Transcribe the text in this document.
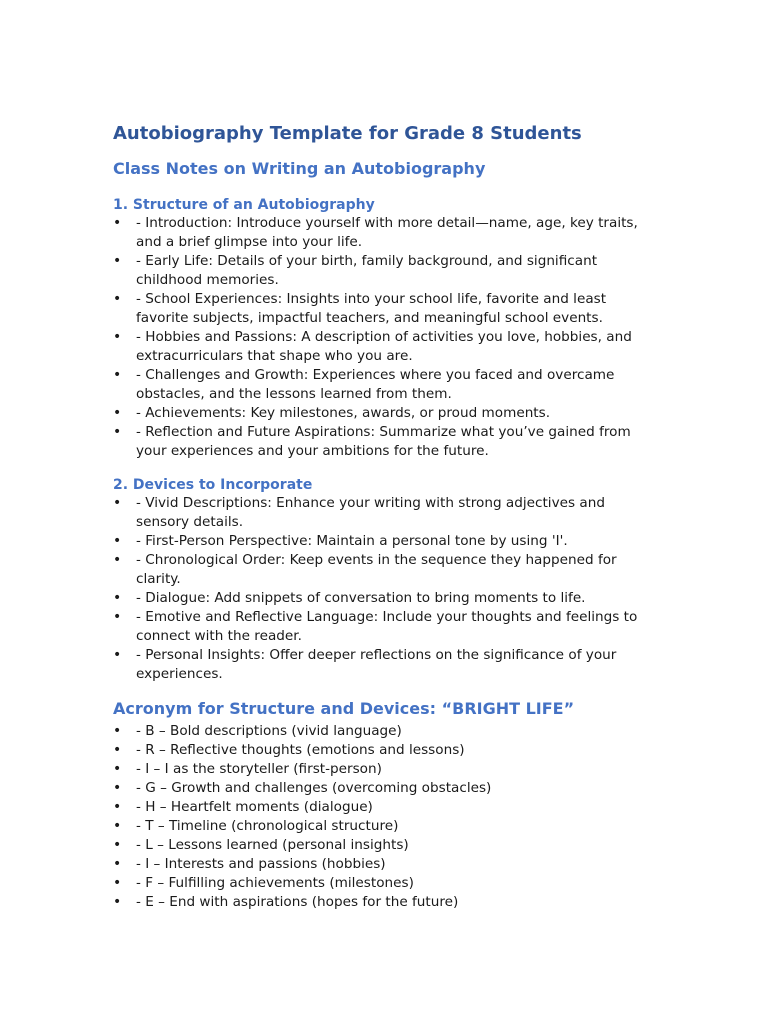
Autobiography Template for Grade 8 Students
Class Notes on Writing an Autobiography
1. Structure of an Autobiography
• - Introduction: Introduce yourself with more detail—name, age, key traits, and a brief glimpse into your life.
• - Early Life: Details of your birth, family background, and significant childhood memories.
• - School Experiences: Insights into your school life, favorite and least favorite subjects, impactful teachers, and meaningful school events.
• - Hobbies and Passions: A description of activities you love, hobbies, and extracurriculars that shape who you are.
• - Challenges and Growth: Experiences where you faced and overcame obstacles, and the lessons learned from them.
• - Achievements: Key milestones, awards, or proud moments.
• - Reflection and Future Aspirations: Summarize what you’ve gained from your experiences and your ambitions for the future.
2. Devices to Incorporate
• - Vivid Descriptions: Enhance your writing with strong adjectives and sensory details.
• - First-Person Perspective: Maintain a personal tone by using 'I'.
• - Chronological Order: Keep events in the sequence they happened for clarity.
• - Dialogue: Add snippets of conversation to bring moments to life.
• - Emotive and Reflective Language: Include your thoughts and feelings to connect with the reader.
• - Personal Insights: Offer deeper reflections on the significance of your experiences.
Acronym for Structure and Devices: “BRIGHT LIFE”
• - B – Bold descriptions (vivid language)
• - R – Reflective thoughts (emotions and lessons)
• - I – I as the storyteller (first-person)
• - G – Growth and challenges (overcoming obstacles)
• - H – Heartfelt moments (dialogue)
• - T – Timeline (chronological structure)
• - L – Lessons learned (personal insights)
• - I – Interests and passions (hobbies)
• - F – Fulfilling achievements (milestones)
• - E – End with aspirations (hopes for the future)
